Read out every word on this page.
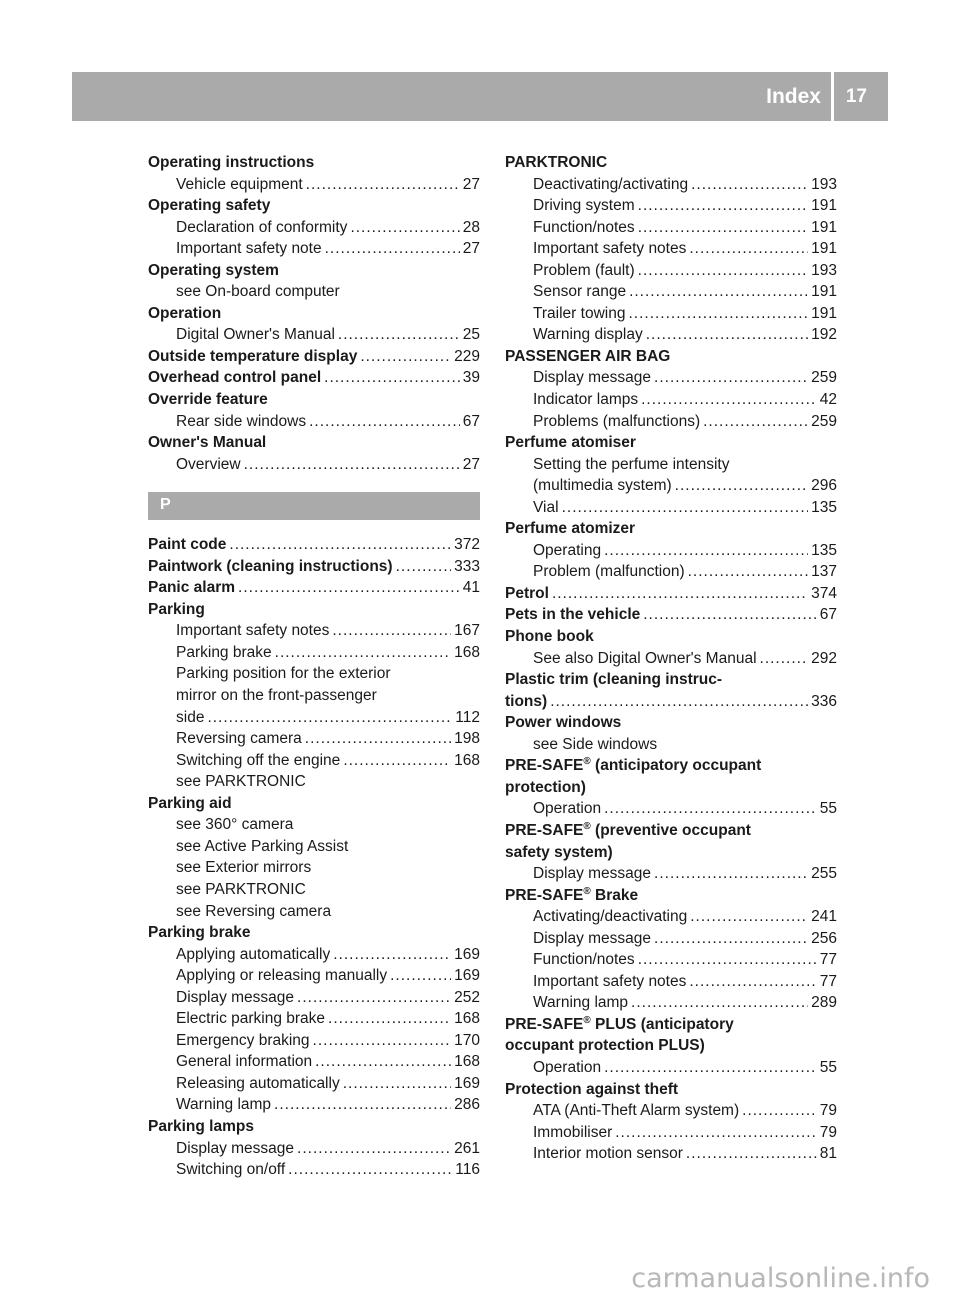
Index 17
Operating instructions
Vehicle equipment .....	27
Operating safety
Declaration of conformity .....	28
Important safety note .....	27
Operating system
see On-board computer
Operation
Digital Owner's Manual .....	25
Outside temperature display .....	229
Overhead control panel .....	39
Override feature
Rear side windows .....	67
Owner's Manual
Overview .....	27
P
Paint code .....	372
Paintwork (cleaning instructions) .....	333
Panic alarm .....	41
Parking
Important safety notes .....	167
Parking brake .....	168
Parking position for the exterior
mirror on the front-passenger
side .....	112
Reversing camera .....	198
Switching off the engine .....	168
see PARKTRONIC
Parking aid
see 360° camera
see Active Parking Assist
see Exterior mirrors
see PARKTRONIC
see Reversing camera
Parking brake
Applying automatically .....	169
Applying or releasing manually .....	169
Display message .....	252
Electric parking brake .....	168
Emergency braking .....	170
General information .....	168
Releasing automatically .....	169
Warning lamp .....	286
Parking lamps
Display message .....	261
Switching on/off .....	116
PARKTRONIC
Deactivating/activating .....	193
Driving system .....	191
Function/notes .....	191
Important safety notes .....	191
Problem (fault) .....	193
Sensor range .....	191
Trailer towing .....	191
Warning display .....	192
PASSENGER AIR BAG
Display message .....	259
Indicator lamps .....	42
Problems (malfunctions) .....	259
Perfume atomiser
Setting the perfume intensity
(multimedia system) .....	296
Vial .....	135
Perfume atomizer
Operating .....	135
Problem (malfunction) .....	137
Petrol .....	374
Pets in the vehicle .....	67
Phone book
See also Digital Owner's Manual .....	292
Plastic trim (cleaning instruc-
tions) .....	336
Power windows
see Side windows
PRE-SAFE® (anticipatory occupant
protection)
Operation .....	55
PRE-SAFE® (preventive occupant
safety system)
Display message .....	255
PRE-SAFE® Brake
Activating/deactivating .....	241
Display message .....	256
Function/notes .....	77
Important safety notes .....	77
Warning lamp .....	289
PRE-SAFE® PLUS (anticipatory
occupant protection PLUS)
Operation .....	55
Protection against theft
ATA (Anti-Theft Alarm system) .....	79
Immobiliser .....	79
Interior motion sensor .....	81
carmanualsonline.info
